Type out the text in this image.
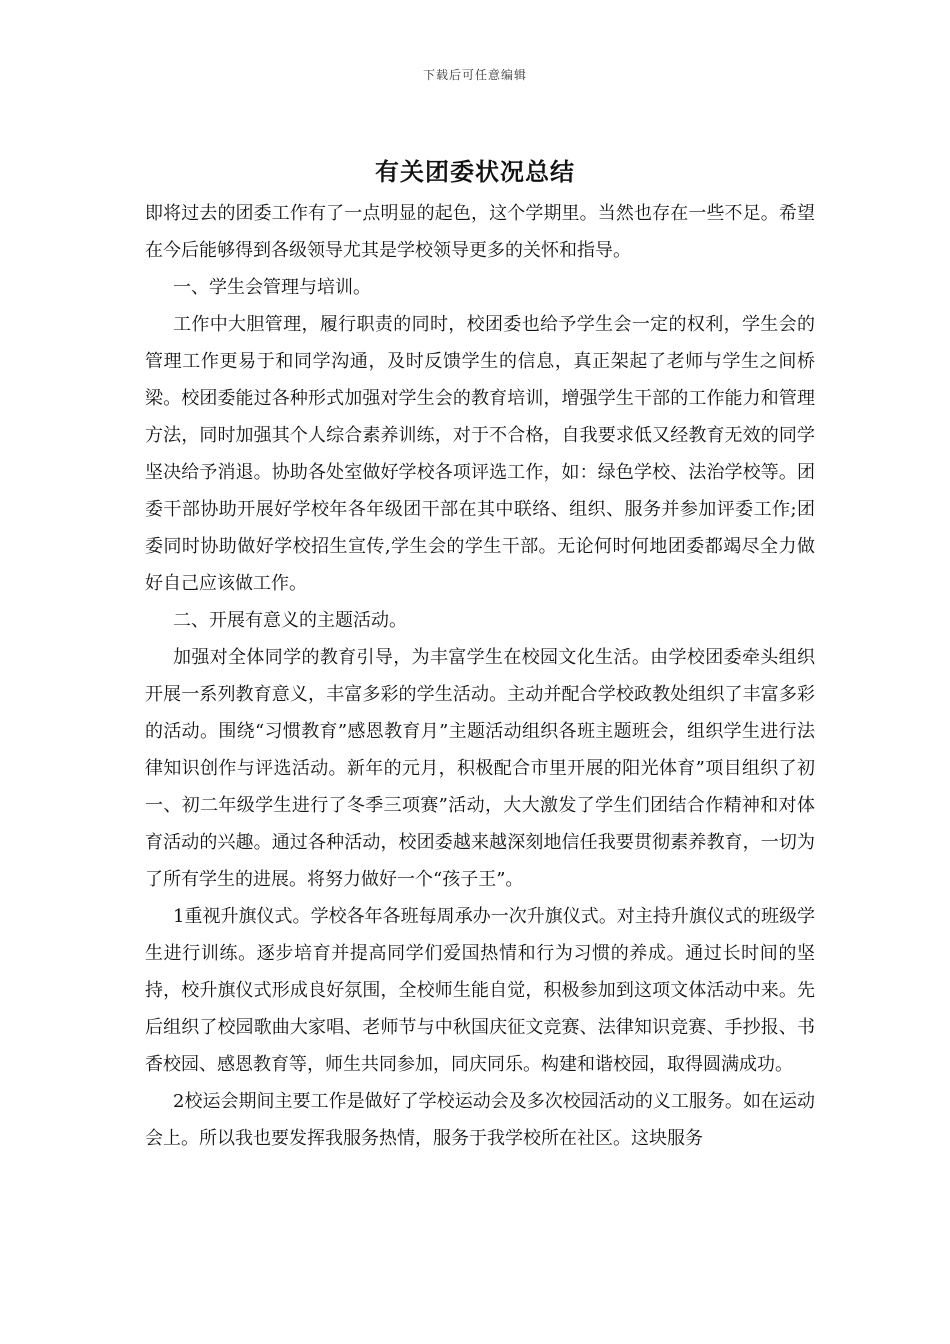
下载后可任意编辑
有关团委状况总结

即将过去的团委工作有了一点明显的起色，这个学期里。当然也存在一些不足。希望在今后能够得到各级领导尤其是学校领导更多的关怀和指导。

一、学生会管理与培训。

工作中大胆管理，履行职责的同时，校团委也给予学生会一定的权利，学生会的管理工作更易于和同学沟通，及时反馈学生的信息，真正架起了老师与学生之间桥梁。校团委能过各种形式加强对学生会的教育培训，增强学生干部的工作能力和管理方法，同时加强其个人综合素养训练，对于不合格，自我要求低又经教育无效的同学坚决给予消退。协助各处室做好学校各项评选工作，如：绿色学校、法治学校等。团委干部协助开展好学校年各年级团干部在其中联络、组织、服务并参加评委工作;团委同时协助做好学校招生宣传,学生会的学生干部。无论何时何地团委都竭尽全力做好自己应该做工作。

二、开展有意义的主题活动。

加强对全体同学的教育引导，为丰富学生在校园文化生活。由学校团委牵头组织开展一系列教育意义，丰富多彩的学生活动。主动并配合学校政教处组织了丰富多彩的活动。围绕“习惯教育”感恩教育月”主题活动组织各班主题班会，组织学生进行法律知识创作与评选活动。新年的元月，积极配合市里开展的阳光体育”项目组织了初一、初二年级学生进行了冬季三项赛”活动，大大激发了学生们团结合作精神和对体育活动的兴趣。通过各种活动，校团委越来越深刻地信任我要贯彻素养教育，一切为了所有学生的进展。将努力做好一个“孩子王”。

1重视升旗仪式。学校各年各班每周承办一次升旗仪式。对主持升旗仪式的班级学生进行训练。逐步培育并提高同学们爱国热情和行为习惯的养成。通过长时间的坚持，校升旗仪式形成良好氛围，全校师生能自觉，积极参加到这项文体活动中来。先后组织了校园歌曲大家唱、老师节与中秋国庆征文竞赛、法律知识竞赛、手抄报、书香校园、感恩教育等，师生共同参加，同庆同乐。构建和谐校园，取得圆满成功。

2校运会期间主要工作是做好了学校运动会及多次校园活动的义工服务。如在运动会上。所以我也要发挥我服务热情，服务于我学校所在社区。这块服务
